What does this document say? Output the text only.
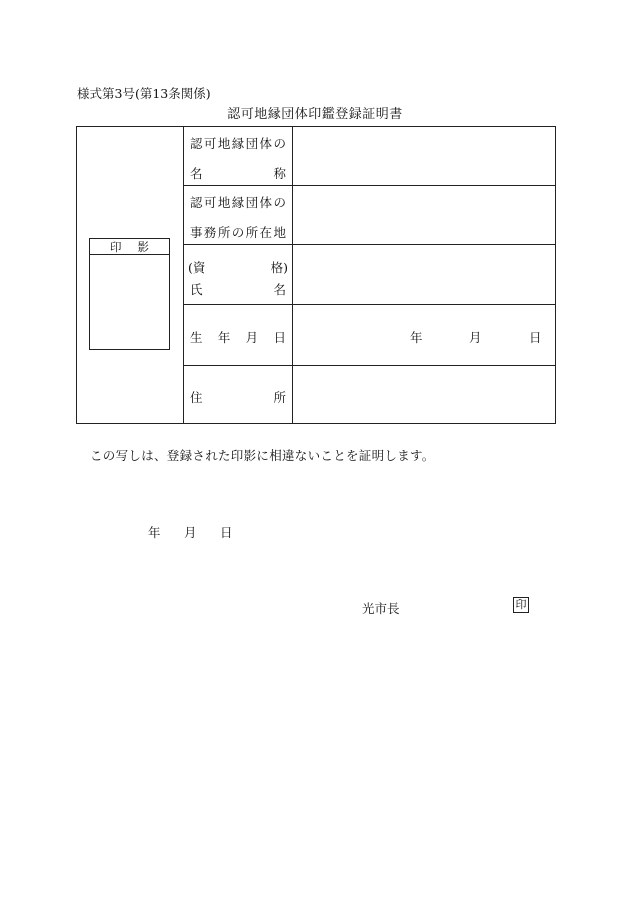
様式第3号(第13条関係)
認可地縁団体印鑑登録証明書
印 影
認 可 地 縁 団 体 の
名	称
認 可 地 縁 団 体 の
事 務 所 の 所 在 地
(資	格)
氏	名
生 年 月 日	年	月	日
住	所
この写しは、登録された印影に相違ないことを証明します。
年 月 日
光市長	印
